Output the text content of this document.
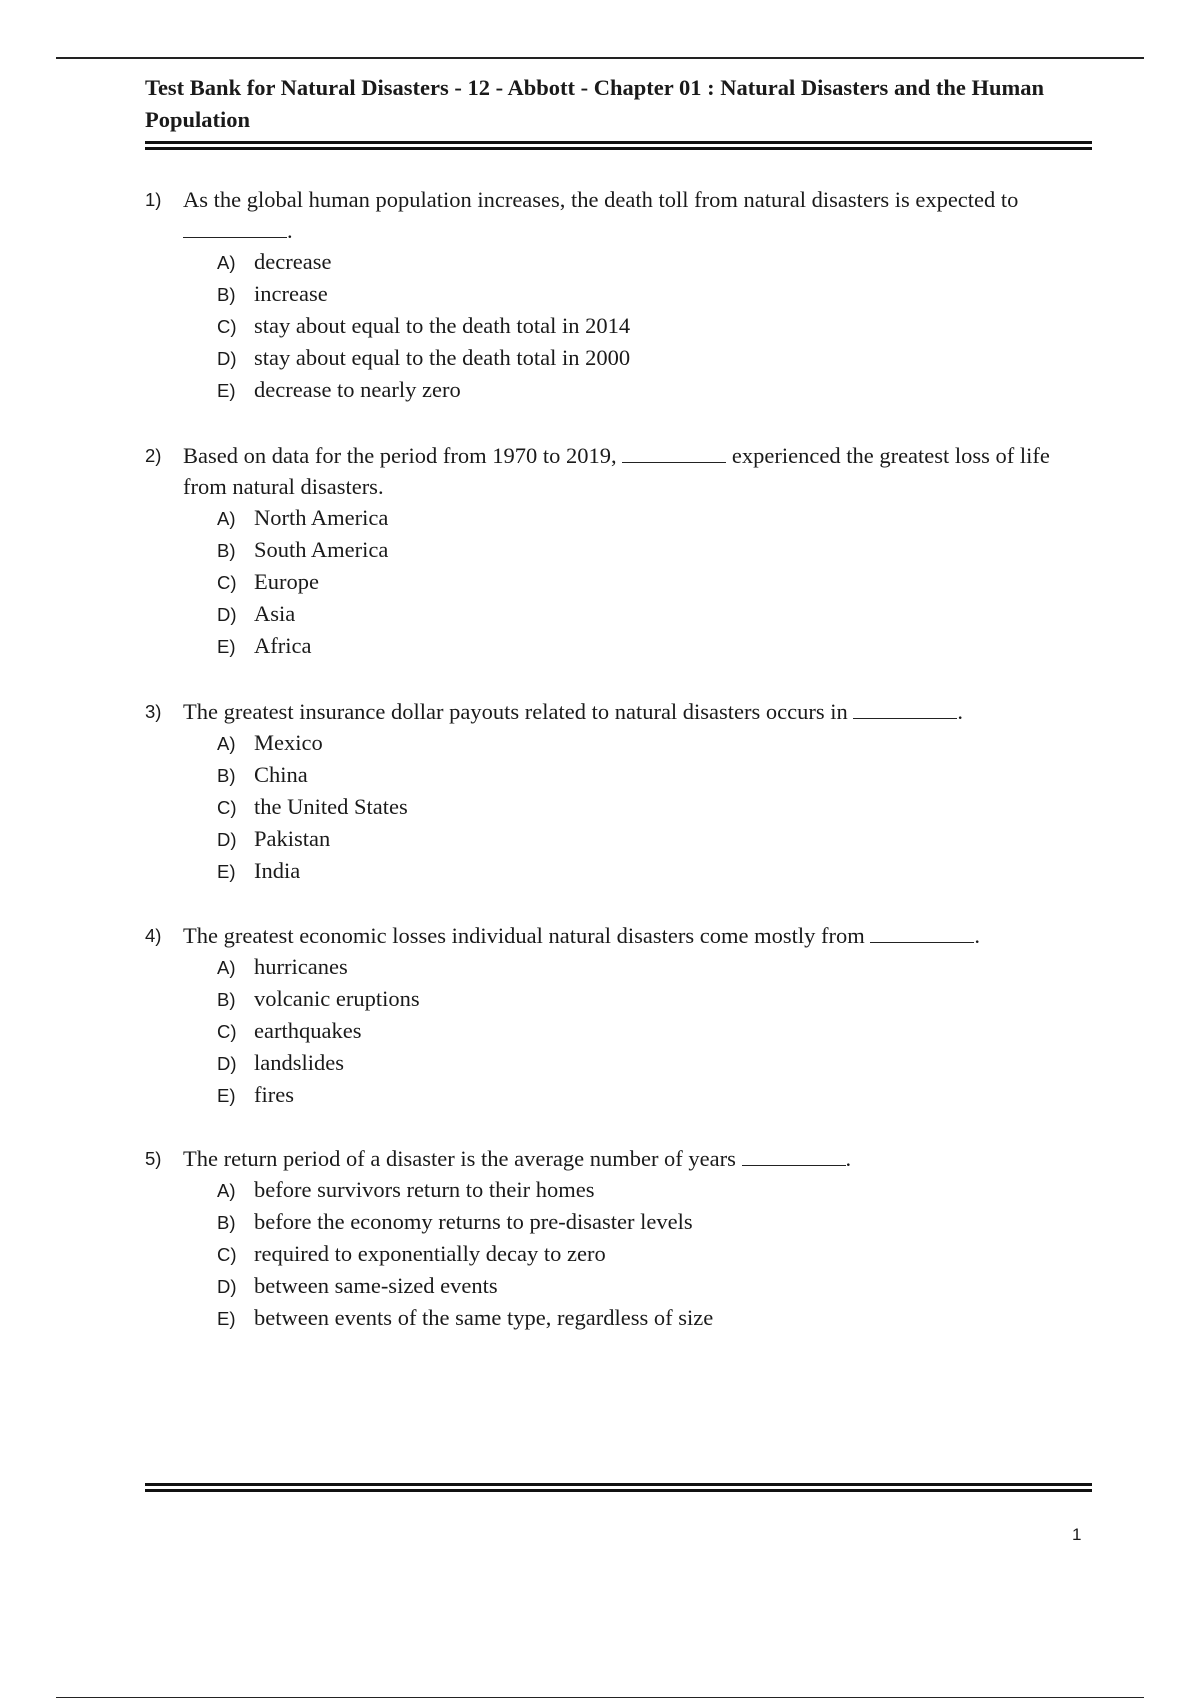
Test Bank for Natural Disasters - 12 - Abbott - Chapter 01 : Natural Disasters and the Human Population
1) As the global human population increases, the death toll from natural disasters is expected to
.
A) decrease
B) increase
C) stay about equal to the death total in 2014
D) stay about equal to the death total in 2000
E) decrease to nearly zero
2) Based on data for the period from 1970 to 2019,	experienced the greatest loss of life from natural disasters.
A) North America
B) South America
C) Europe
D) Asia
E) Africa
3) The greatest insurance dollar payouts related to natural disasters occurs in	.
A) Mexico
B) China
C) the United States
D) Pakistan
E) India
4) The greatest economic losses individual natural disasters come mostly from	.
A) hurricanes
B) volcanic eruptions
C) earthquakes
D) landslides
E) fires
5) The return period of a disaster is the average number of years	.
A) before survivors return to their homes
B) before the economy returns to pre-disaster levels
C) required to exponentially decay to zero
D) between same-sized events
E) between events of the same type, regardless of size
1
